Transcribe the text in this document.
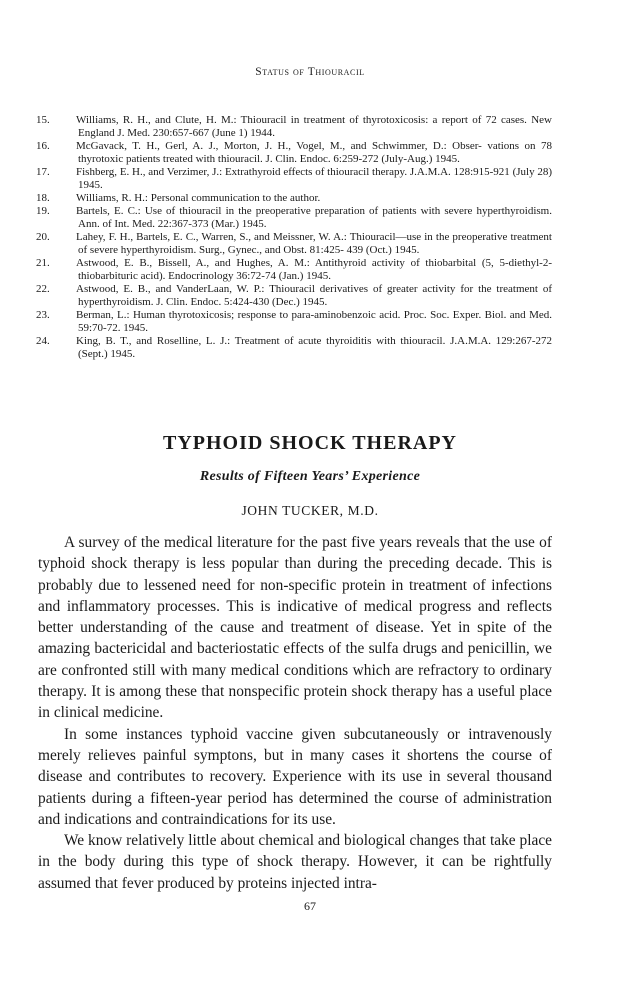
Status of Thiouracil
15.	Williams, R. H., and Clute, H. M.: Thiouracil in treatment of thyrotoxicosis: a report of 72 cases. New England J. Med. 230:657-667 (June 1) 1944.
16.	McGavack, T. H., Gerl, A. J., Morton, J. H., Vogel, M., and Schwimmer, D.: Obser- vations on 78 thyrotoxic patients treated with thiouracil. J. Clin. Endoc. 6:259-272 (July-Aug.) 1945.
17.	Fishberg, E. H., and Verzimer, J.: Extrathyroid effects of thiouracil therapy. J.A.M.A. 128:915-921 (July 28) 1945.
18.	Williams, R. H.: Personal communication to the author.
19.	Bartels, E. C.: Use of thiouracil in the preoperative preparation of patients with severe hyperthyroidism. Ann. of Int. Med. 22:367-373 (Mar.) 1945.
20.	Lahey, F. H., Bartels, E. C., Warren, S., and Meissner, W. A.: Thiouracil—use in the preoperative treatment of severe hyperthyroidism. Surg., Gynec., and Obst. 81:425- 439 (Oct.) 1945.
21.	Astwood, E. B., Bissell, A., and Hughes, A. M.: Antithyroid activity of thiobarbital (5, 5-diethyl-2-thiobarbituric acid). Endocrinology 36:72-74 (Jan.) 1945.
22.	Astwood, E. B., and VanderLaan, W. P.: Thiouracil derivatives of greater activity for the treatment of hyperthyroidism. J. Clin. Endoc. 5:424-430 (Dec.) 1945.
23.	Berman, L.: Human thyrotoxicosis; response to para-aminobenzoic acid. Proc. Soc. Exper. Biol. and Med. 59:70-72. 1945.
24.	King, B. T., and Roselline, L. J.: Treatment of acute thyroiditis with thiouracil. J.A.M.A. 129:267-272 (Sept.) 1945.
TYPHOID SHOCK THERAPY
Results of Fifteen Years’ Experience
JOHN TUCKER, M.D.

A survey of the medical literature for the past five years reveals that the use of typhoid shock therapy is less popular than during the preceding decade. This is probably due to lessened need for non-specific protein in treatment of infections and inflammatory processes. This is indicative of medical progress and reflects better understanding of the cause and treatment of disease. Yet in spite of the amazing bactericidal and bacteriostatic effects of the sulfa drugs and penicillin, we are confronted still with many medical conditions which are refractory to ordinary therapy. It is among these that nonspecific protein shock therapy has a useful place in clinical medicine.

In some instances typhoid vaccine given subcutaneously or intravenously merely relieves painful symptons, but in many cases it shortens the course of disease and contributes to recovery. Experience with its use in several thousand patients during a fifteen-year period has determined the course of administration and indications and contraindications for its use.

We know relatively little about chemical and biological changes that take place in the body during this type of shock therapy. However, it can be rightfully assumed that fever produced by proteins injected intra-

67
